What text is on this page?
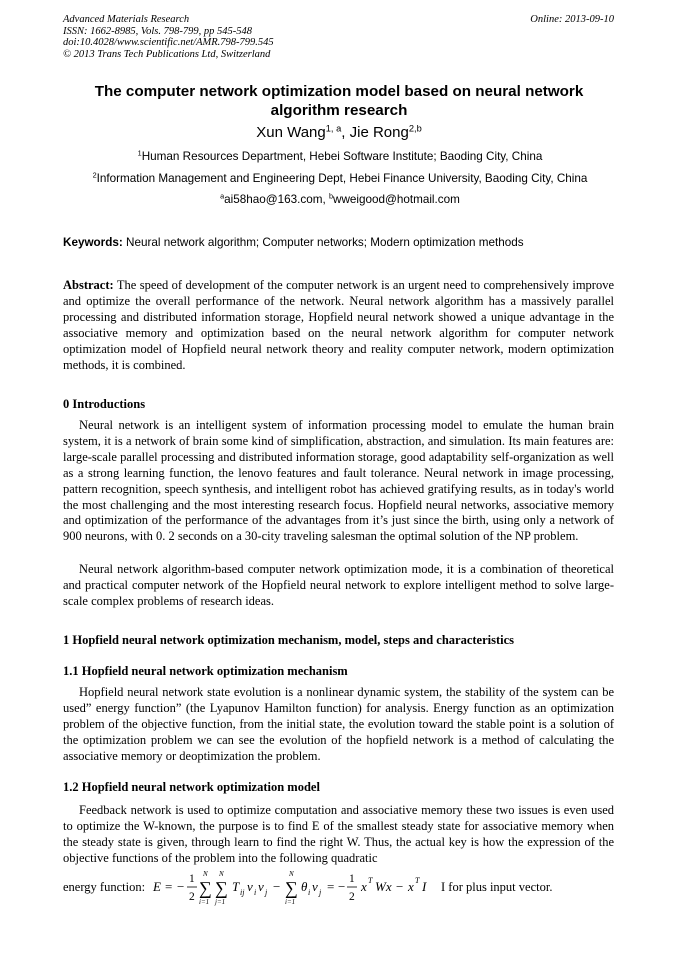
Advanced Materials Research
ISSN: 1662-8985, Vols. 798-799, pp 545-548
doi:10.4028/www.scientific.net/AMR.798-799.545
© 2013 Trans Tech Publications Ltd, Switzerland
Online: 2013-09-10
The computer network optimization model based on neural network
algorithm research
Xun Wang$^{1, a}$, Jie Rong$^{2,b}$
$^1$Human Resources Department, Hebei Software Institute; Baoding City, China
$^2$Information Management and Engineering Dept, Hebei Finance University, Baoding City, China
$^a$ai58hao@163.com, $^b$wweigood@hotmail.com
Keywords: Neural network algorithm; Computer networks; Modern optimization methods
Abstract: The speed of development of the computer network is an urgent need to comprehensively improve and optimize the overall performance of the network. Neural network algorithm has a massively parallel processing and distributed information storage, Hopfield neural network showed a unique advantage in the associative memory and optimization based on the neural network algorithm for computer network optimization model of Hopfield neural network theory and reality computer network, modern optimization methods, it is combined.
0 Introductions
Neural network is an intelligent system of information processing model to emulate the human brain system, it is a network of brain some kind of simplification, abstraction, and simulation. Its main features are: large-scale parallel processing and distributed information storage, good adaptability self-organization as well as a strong learning function, the lenovo features and fault tolerance. Neural network in image processing, pattern recognition, speech synthesis, and intelligent robot has achieved gratifying results, as in today's world the most challenging and the most interesting research focus. Hopfield neural networks, associative memory and optimization of the performance of the advantages from it’s just since the birth, using only a network of 900 neurons, with 0. 2 seconds on a 30-city traveling salesman the optimal solution of the NP problem.
Neural network algorithm-based computer network optimization mode, it is a combination of theoretical and practical computer network of the Hopfield neural network to explore intelligent method to solve large-scale complex problems of research ideas.
1 Hopfield neural network optimization mechanism, model, steps and characteristics
1.1 Hopfield neural network optimization mechanism
Hopfield neural network state evolution is a nonlinear dynamic system, the stability of the system can be used” energy function” (the Lyapunov Hamilton function) for analysis. Energy function as an optimization problem of the objective function, from the initial state, the evolution toward the stable point is a solution of the optimization problem we can see the evolution of the hopfield network is a method of calculating the associative memory or deoptimization the problem.
1.2 Hopfield neural network optimization model
Feedback network is used to optimize computation and associative memory these two issues is even used to optimize the W-known, the purpose is to find E of the smallest steady state for associative memory when the steady state is given, through learn to find the right W. Thus, the actual key is how the expression of the objective functions of the problem into the following quadratic
energy function: E = − 1
2 ∑
N
i=1
∑
N
j=1
T ij v i v j − ∑
N
i=1
θ i v j = − 1
2
x T Wx − x T I I for plus input vector.
